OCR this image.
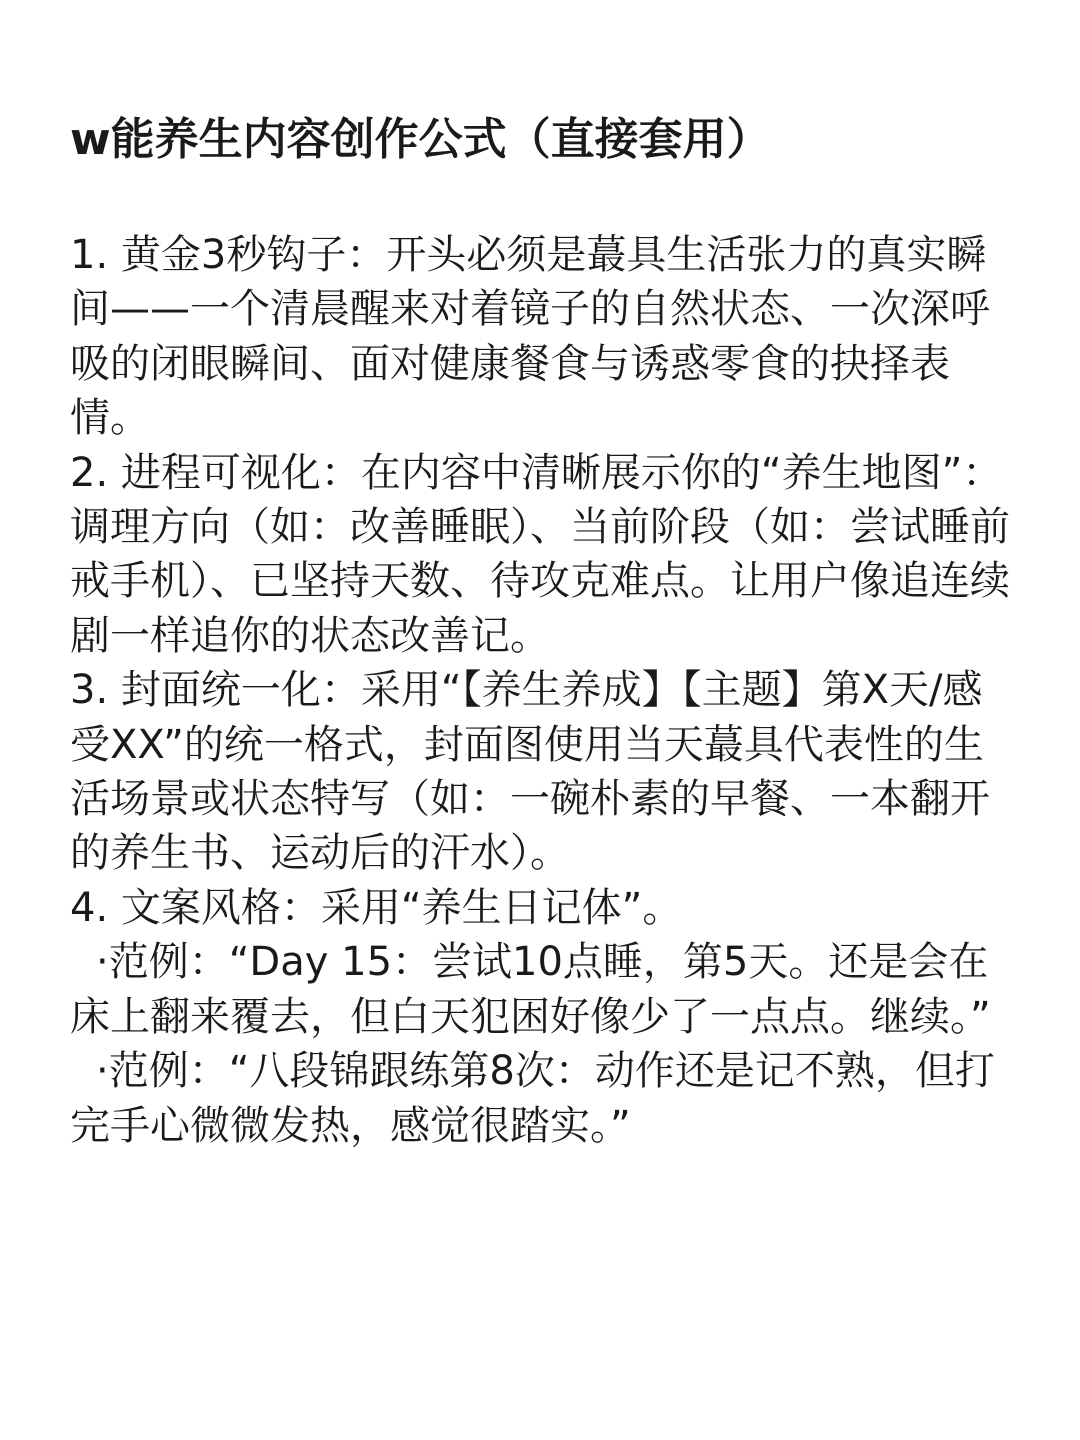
w能养生内容创作公式（直接套用）

1. 黄金3秒钩子：开头必须是蕞具生活张力的真实瞬间——一个清晨醒来对着镜子的自然状态、一次深呼吸的闭眼瞬间、面对健康餐食与诱惑零食的抉择表情。

2. 进程可视化：在内容中清晰展示你的“养生地图”：调理方向（如：改善睡眠）、当前阶段（如：尝试睡前戒手机）、已坚持天数、待攻克难点。让用户像追连续剧一样追你的状态改善记。

3. 封面统一化：采用“【养生养成】【主题】第X天/感受XX”的统一格式，封面图使用当天蕞具代表性的生活场景或状态特写（如：一碗朴素的早餐、一本翻开的养生书、运动后的汗水）。

4. 文案风格：采用“养生日记体”。

·范例：“Day 15：尝试10点睡，第5天。还是会在床上翻来覆去，但白天犯困好像少了一点点。继续。”

·范例：“八段锦跟练第8次：动作还是记不熟，但打完手心微微发热，感觉很踏实。”
